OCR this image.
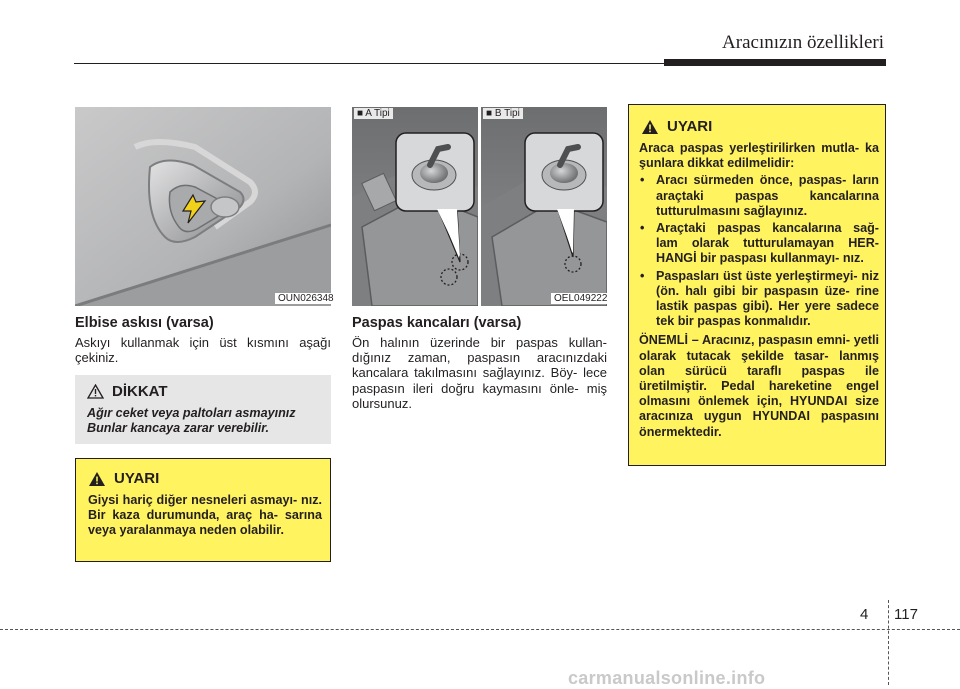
Aracınızın özellikleri
OUN026348
Elbise askısı (varsa)
Askıyı kullanmak için üst kısmını aşağı çekiniz.
DİKKAT
Ağır ceket veya paltoları asmayınız Bunlar kancaya zarar verebilir.
UYARI
Giysi hariç diğer nesneleri asmayı- nız. Bir kaza durumunda, araç ha- sarına veya yaralanmaya neden olabilir.
■ A Tipi	■ B Tipi
OEL049222
Paspas kancaları (varsa)
Ön halının üzerinde bir paspas kullan- dığınız zaman, paspasın aracınızdaki kancalara takılmasını sağlayınız. Böy- lece paspasın ileri doğru kaymasını önle- miş olursunuz.
UYARI
Araca paspas yerleştirilirken mutla- ka şunlara dikkat edilmelidir:
• Aracı sürmeden önce, paspas- ların araçtaki paspas kancalarına tutturulmasını sağlayınız.
• Araçtaki paspas kancalarına sağ- lam olarak tutturulamayan HER- HANGİ bir paspası kullanmayı- nız.
• Paspasları üst üste yerleştirmeyi- niz (ön. halı gibi bir paspasın üze- rine lastik paspas gibi). Her yere sadece tek bir paspas konmalıdır.
ÖNEMLİ – Aracınız, paspasın emni- yetli olarak tutacak şekilde tasar- lanmış olan sürücü taraflı paspas ile üretilmiştir. Pedal hareketine engel olmasını önlemek için, HYUNDAI size aracınıza uygun HYUNDAI paspasını önermektedir.
4 117
carmanualsonline.info
